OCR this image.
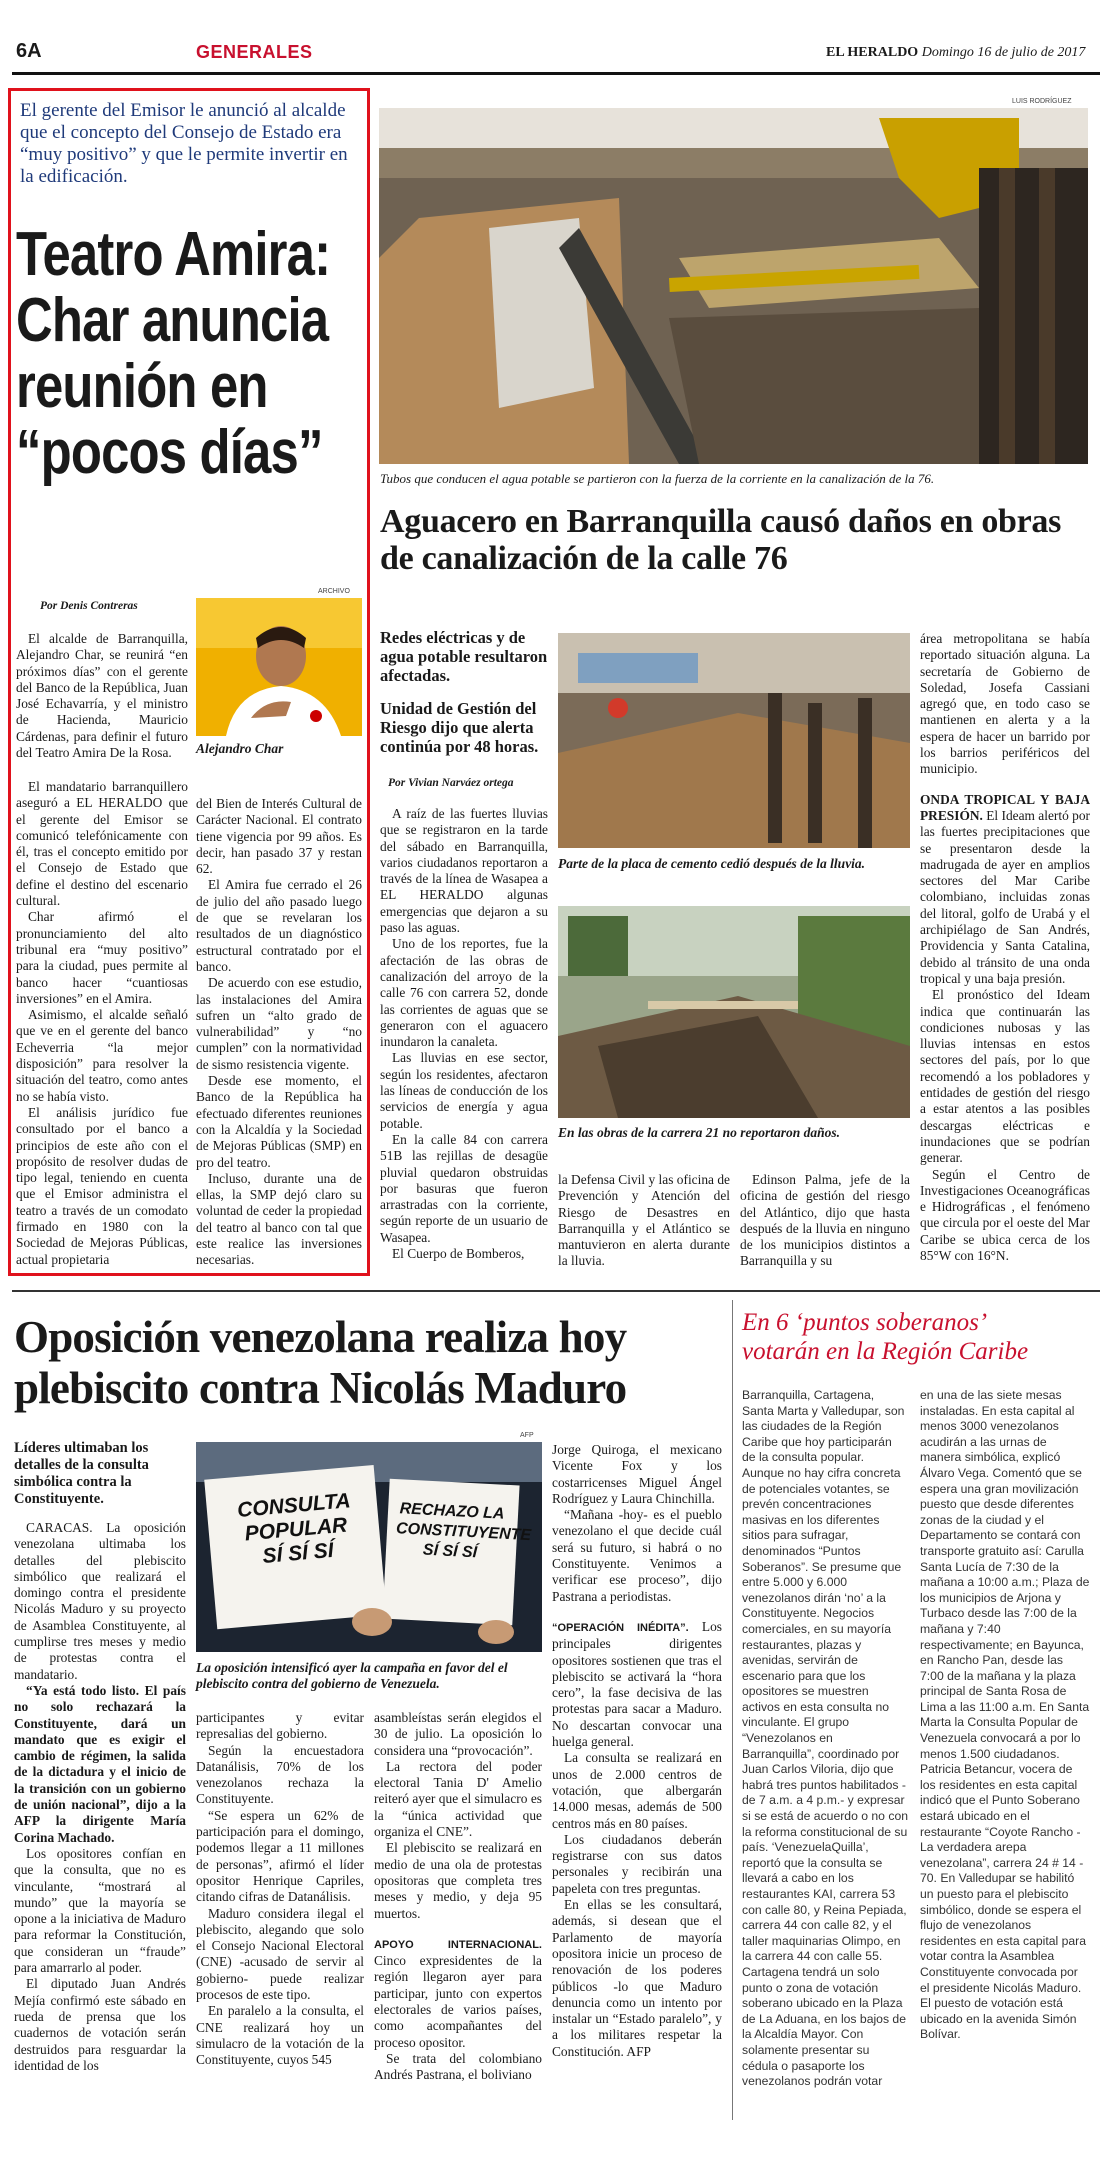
6A	GENERALES	EL HERALDO Domingo 16 de julio de 2017
El gerente del Emisor le anunció al alcalde que el concepto del Consejo de Estado era “muy positivo” y que le permite invertir en la edificación.
Teatro Amira:
Char anuncia
reunión en
“pocos días”
Por Denis Contreras
ARCHIVO
Alejandro Char
El alcalde de Barranquilla, Alejandro Char, se reunirá “en próximos días” con el gerente del Banco de la República, Juan José Echavarría, y el ministro de Hacienda, Mauricio Cárdenas, para definir el futuro del Teatro Amira De la Rosa.

El mandatario barranquillero aseguró a EL HERALDO que el gerente del Emisor se comunicó telefónicamente con él, tras el concepto emitido por el Consejo de Estado que define el destino del escenario cultural.

Char afirmó el pronunciamiento del alto tribunal era “muy positivo” para la ciudad, pues permite al banco hacer “cuantiosas inversiones” en el Amira.

Asimismo, el alcalde señaló que ve en el gerente del banco Echeverria “la mejor disposición” para resolver la situación del teatro, como antes no se había visto.

El análisis jurídico fue consultado por el banco a principios de este año con el propósito de resolver dudas de tipo legal, teniendo en cuenta que el Emisor administra el teatro a través de un comodato firmado en 1980 con la Sociedad de Mejoras Públicas, actual propietaria

del Bien de Interés Cultural de Carácter Nacional. El contrato tiene vigencia por 99 años. Es decir, han pasado 37 y restan 62.

El Amira fue cerrado el 26 de julio del año pasado luego de que se revelaran los resultados de un diagnóstico estructural contratado por el banco.

De acuerdo con ese estudio, las instalaciones del Amira sufren un “alto grado de vulnerabilidad” y “no cumplen” con la normatividad de sismo resistencia vigente.

Desde ese momento, el Banco de la República ha efectuado diferentes reuniones con la Alcaldía y la Sociedad de Mejoras Públicas (SMP) en pro del teatro.

Incluso, durante una de ellas, la SMP dejó claro su voluntad de ceder la propiedad del teatro al banco con tal que este realice las inversiones necesarias.

LUIS RODRÍGUEZ
Tubos que conducen el agua potable se partieron con la fuerza de la corriente en la canalización de la 76.
Aguacero en Barranquilla causó daños en obras de canalización de la calle 76
Redes eléctricas y de agua potable resultaron afectadas.
Unidad de Gestión del Riesgo dijo que alerta continúa por 48 horas.
Por Vivian Narváez ortega

A raíz de las fuertes lluvias que se registraron en la tarde del sábado en Barranquilla, varios ciudadanos reportaron a través de la línea de Wasapea a EL HERALDO algunas emergencias que dejaron a su paso las aguas.

Uno de los reportes, fue la afectación de las obras de canalización del arroyo de la calle 76 con carrera 52, donde las corrientes de aguas que se generaron con el aguacero inundaron la canaleta.

Las lluvias en ese sector, según los residentes, afectaron las líneas de conducción de los servicios de energía y agua potable.

En la calle 84 con carrera 51B las rejillas de desagüe pluvial quedaron obstruidas por basuras que fueron arrastradas con la corriente, según reporte de un usuario de Wasapea.

El Cuerpo de Bomberos,

Parte de la placa de cemento cedió después de la lluvia.
En las obras de la carrera 21 no reportaron daños.
la Defensa Civil y las oficina de Prevención y Atención del Riesgo de Desastres en Barranquilla y el Atlántico se mantuvieron en alerta durante la lluvia.
Edinson Palma, jefe de la oficina de gestión del riesgo del Atlántico, dijo que hasta después de la lluvia en ninguno de los municipios distintos a Barranquilla y su

área metropolitana se había reportado situación alguna. La secretaría de Gobierno de Soledad, Josefa Cassiani agregó que, en todo caso se mantienen en alerta y a la espera de hacer un barrido por los barrios periféricos del municipio.

ONDA TROPICAL Y BAJA PRESIÓN. El Ideam alertó por las fuertes precipitaciones que se presentaron desde la madrugada de ayer en amplios sectores del Mar Caribe colombiano, incluidas zonas del litoral, golfo de Urabá y el archipiélago de San Andrés, Providencia y Santa Catalina, debido al tránsito de una onda tropical y una baja presión.

El pronóstico del Ideam indica que continuarán las condiciones nubosas y las lluvias intensas en estos sectores del país, por lo que recomendó a los pobladores y entidades de gestión del riesgo a estar atentos a las posibles descargas eléctricas e inundaciones que se podrían generar.

Según el Centro de Investigaciones Oceanográficas e Hidrográficas , el fenómeno que circula por el oeste del Mar Caribe se ubica cerca de los 85°W con 16°N.

Oposición venezolana realiza hoy plebiscito contra Nicolás Maduro
Líderes ultimaban los detalles de la consulta simbólica contra la Constituyente.
AFP
CONSULTA POPULAR SÍ SÍ SÍ
RECHAZO LA CONSTITUYENTE SÍ SÍ SÍ
La oposición intensificó ayer la campaña en favor del el plebiscito contra del gobierno de Venezuela.

CARACAS. La oposición venezolana ultimaba los detalles del plebiscito simbólico que realizará el domingo contra el presidente Nicolás Maduro y su proyecto de Asamblea Constituyente, al cumplirse tres meses y medio de protestas contra el mandatario.

“Ya está todo listo. El país no solo rechazará la Constituyente, dará un mandato que es exigir el cambio de régimen, la salida de la dictadura y el inicio de la transición con un gobierno de unión nacional”, dijo a la AFP la dirigente María Corina Machado.

Los opositores confían en que la consulta, que no es vinculante, “mostrará al mundo” que la mayoría se opone a la iniciativa de Maduro para reformar la Constitución, que consideran un “fraude” para amarrarlo al poder.

El diputado Juan Andrés Mejía confirmó este sábado en rueda de prensa que los cuadernos de votación serán destruidos para resguardar la identidad de los

participantes y evitar represalias del gobierno.

Según la encuestadora Datanálisis, 70% de los venezolanos rechaza la Constituyente.

“Se espera un 62% de participación para el domingo, podemos llegar a 11 millones de personas”, afirmó el líder opositor Henrique Capriles, citando cifras de Datanálisis.

Maduro considera ilegal el plebiscito, alegando que solo el Consejo Nacional Electoral (CNE) -acusado de servir al gobierno- puede realizar procesos de este tipo.

En paralelo a la consulta, el CNE realizará hoy un simulacro de la votación de la Constituyente, cuyos 545

asambleístas serán elegidos el 30 de julio. La oposición lo considera una “provocación”.

La rectora del poder electoral Tania D' Amelio reiteró ayer que el simulacro es la “única actividad que organiza el CNE”.

El plebiscito se realizará en medio de una ola de protestas opositoras que completa tres meses y medio, y deja 95 muertos.

APOYO INTERNACIONAL. Cinco expresidentes de la región llegaron ayer para participar, junto con expertos electorales de varios países, como acompañantes del proceso opositor.

Se trata del colombiano Andrés Pastrana, el boliviano

Jorge Quiroga, el mexicano Vicente Fox y los costarricenses Miguel Ángel Rodríguez y Laura Chinchilla.

“Mañana -hoy- es el pueblo venezolano el que decide cuál será su futuro, si habrá o no Constituyente. Venimos a verificar ese proceso”, dijo Pastrana a periodistas.

“OPERACIÓN INÉDITA”. Los principales dirigentes opositores sostienen que tras el plebiscito se activará la “hora cero”, la fase decisiva de las protestas para sacar a Maduro. No descartan convocar una huelga general.

La consulta se realizará en unos de 2.000 centros de votación, que albergarán 14.000 mesas, además de 500 centros más en 80 países.

Los ciudadanos deberán registrarse con sus datos personales y recibirán una papeleta con tres preguntas.

En ellas se les consultará, además, si desean que el Parlamento de mayoría opositora inicie un proceso de renovación de los poderes públicos -lo que Maduro denuncia como un intento por instalar un “Estado paralelo”, y a los militares respetar la Constitución. AFP

En 6 ‘puntos soberanos’
votarán en la Región Caribe
Barranquilla, Cartagena, Santa Marta y Valledupar, son las ciudades de la Región Caribe que hoy participarán de la consulta popular. Aunque no hay cifra concreta de potenciales votantes, se prevén concentraciones masivas en los diferentes sitios para sufragar, denominados “Puntos Soberanos”. Se presume que entre 5.000 y 6.000 venezolanos dirán ‘no’ a la Constituyente. Negocios comerciales, en su mayoría restaurantes, plazas y avenidas, servirán de escenario para que los opositores se muestren activos en esta consulta no vinculante. El grupo “Venezolanos en Barranquilla”, coordinado por Juan Carlos Viloria, dijo que habrá tres puntos habilitados -de 7 a.m. a 4 p.m.- y expresar si se está de acuerdo o no con la reforma constitucional de su país. ‘VenezuelaQuilla’, reportó que la consulta se llevará a cabo en los restaurantes KAI, carrera 53 con calle 80, y Reina Pepiada, carrera 44 con calle 82, y el taller maquinarias Olimpo, en la carrera 44 con calle 55. Cartagena tendrá un solo punto o zona de votación soberano ubicado en la Plaza de La Aduana, en los bajos de la Alcaldía Mayor. Con solamente presentar su cédula o pasaporte los venezolanos podrán votar
en una de las siete mesas instaladas. En esta capital al menos 3000 venezolanos acudirán a las urnas de manera simbólica, explicó Álvaro Vega. Comentó que se espera una gran movilización puesto que desde diferentes zonas de la ciudad y el Departamento se contará con transporte gratuito así: Carulla Santa Lucía de 7:30 de la mañana a 10:00 a.m.; Plaza de los municipios de Arjona y Turbaco desde las 7:00 de la mañana y 7:40 respectivamente; en Bayunca, en Rancho Pan, desde las 7:00 de la mañana y la plaza principal de Santa Rosa de Lima a las 11:00 a.m. En Santa Marta la Consulta Popular de Venezuela convocará a por lo menos 1.500 ciudadanos. Patricia Betancur, vocera de los residentes en esta capital indicó que el Punto Soberano estará ubicado en el restaurante “Coyote Rancho - La verdadera arepa venezolana”, carrera 24 # 14 - 70. En Valledupar se habilitó un puesto para el plebiscito simbólico, donde se espera el flujo de venezolanos residentes en esta capital para votar contra la Asamblea Constituyente convocada por el presidente Nicolás Maduro. El puesto de votación está ubicado en la avenida Simón Bolívar.
